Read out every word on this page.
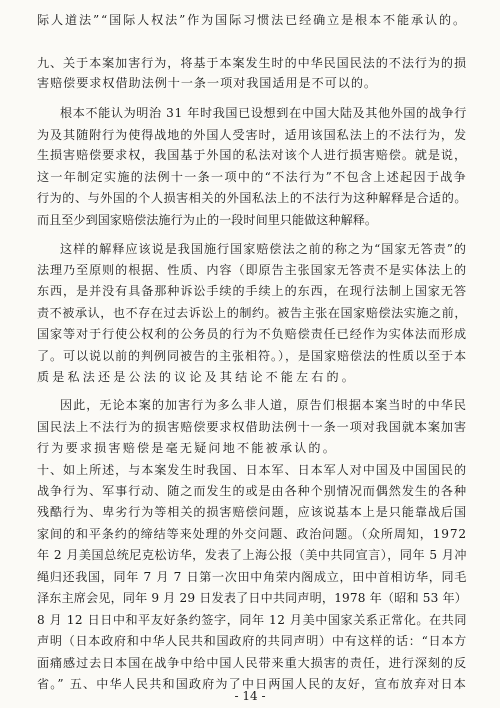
际人道法”“国际人权法”作为国际习惯法已经确立是根本不能承认的。
九、关于本案加害行为，将基于本案发生时的中华民国民法的不法行为的损
害赔偿要求权借助法例十一条一项对我国适用是不可以的。
根本不能认为明治 31 年时我国已设想到在中国大陆及其他外国的战争行
为及其随附行为使得战地的外国人受害时，适用该国私法上的不法行为，发
生损害赔偿要求权，我国基于外国的私法对该个人进行损害赔偿。就是说，
这一年制定实施的法例十一条一项中的“不法行为”不包含上述起因于战争
行为的、与外国的个人损害相关的外国私法上的不法行为这种解释是合适的。
而且至少到国家赔偿法施行为止的一段时间里只能做这种解释。
这样的解释应该说是我国施行国家赔偿法之前的称之为“国家无答责”的
法理乃至原则的根据、性质、内容（即原告主张国家无答责不是实体法上的
东西，是并没有具备那种诉讼手续的手续上的东西，在现行法制上国家无答
责不被承认，也不存在过去诉讼上的制约。被告主张在国家赔偿法实施之前，
国家等对于行使公权利的公务员的行为不负赔偿责任已经作为实体法而形成
了。可以说以前的判例同被告的主张相符。），是国家赔偿法的性质以至于本
质是私法还是公法的议论及其结论不能左右的。
因此，无论本案的加害行为多么非人道，原告们根据本案当时的中华民
国民法上不法行为的损害赔偿要求权借助法例十一条一项对我国就本案加害
行为要求损害赔偿是毫无疑问地不能被承认的。
十、如上所述，与本案发生时我国、日本军、日本军人对中国及中国国民的
战争行为、军事行动、随之而发生的或是由各种个别情况而偶然发生的各种
残酷行为、卑劣行为等相关的损害赔偿问题，应该说基本上是只能靠战后国
家间的和平条约的缔结等来处理的外交问题、政治问题。（众所周知，1972
年 2 月美国总统尼克松访华，发表了上海公报（美中共同宣言），同年 5 月冲
绳归还我国，同年 7 月 7 日第一次田中角荣内阁成立，田中首相访华，同毛
泽东主席会见，同年 9 月 29 日发表了日中共同声明，1978 年（昭和 53 年）
8 月 12 日日中和平友好条约签字，同年 12 月美中国家关系正常化。在共同
声明（日本政府和中华人民共和国政府的共同声明）中有这样的话：“日本方
面痛感过去日本国在战争中给中国人民带来重大损害的责任，进行深刻的反
省。” 五、中华人民共和国政府为了中日两国人民的友好，宣布放弃对日本
- 14 -
